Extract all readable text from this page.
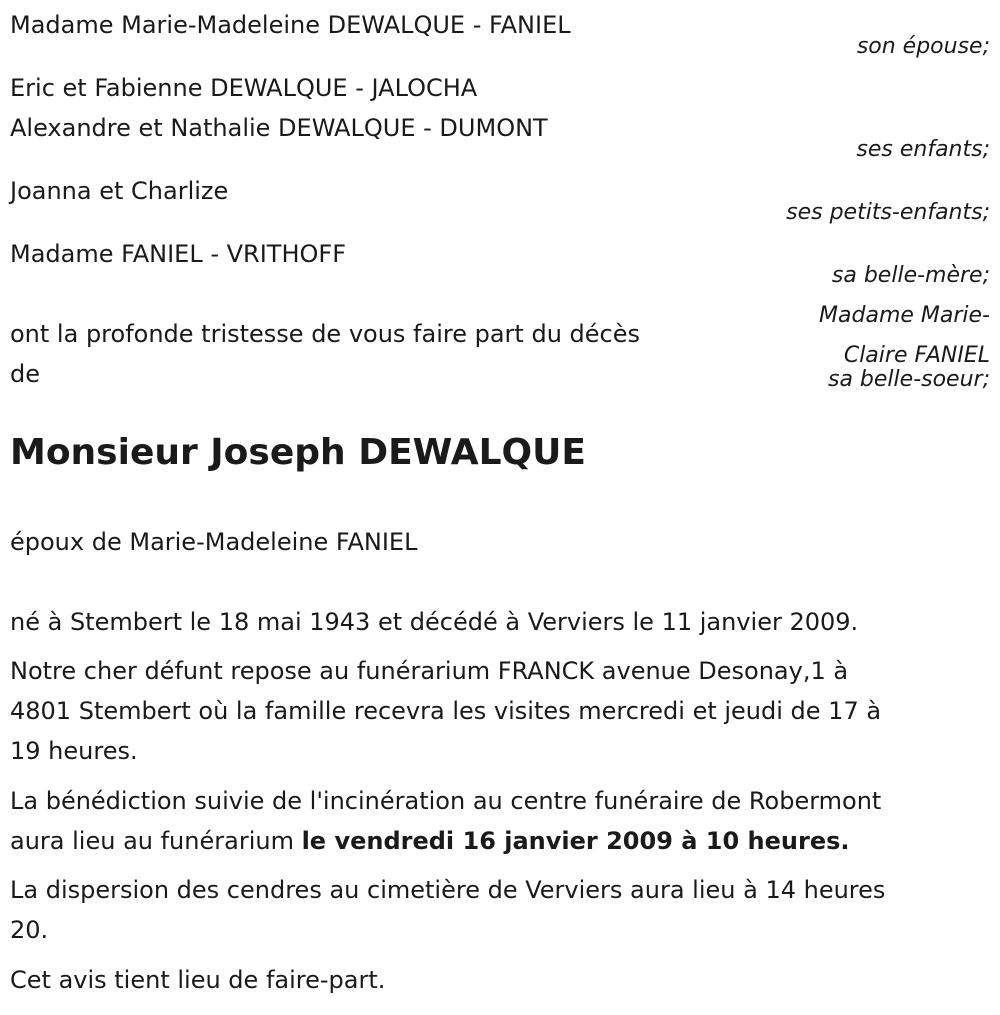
Madame Marie-Madeleine DEWALQUE - FANIEL
son épouse;
Eric et Fabienne DEWALQUE - JALOCHA
Alexandre et Nathalie DEWALQUE - DUMONT
ses enfants;
Joanna et Charlize
ses petits-enfants;
Madame FANIEL - VRITHOFF
sa belle-mère;
Madame Marie-
Claire FANIEL
sa belle-soeur;
ont la profonde tristesse de vous faire part du décès
de
Monsieur Joseph DEWALQUE
époux de Marie-Madeleine FANIEL
né à Stembert le 18 mai 1943 et décédé à Verviers le 11 janvier 2009.
Notre cher défunt repose au funérarium FRANCK avenue Desonay,1 à
4801 Stembert où la famille recevra les visites mercredi et jeudi de 17 à
19 heures.
La bénédiction suivie de l'incinération au centre funéraire de Robermont
aura lieu au funérarium le vendredi 16 janvier 2009 à 10 heures.
La dispersion des cendres au cimetière de Verviers aura lieu à 14 heures
20.
Cet avis tient lieu de faire-part.
